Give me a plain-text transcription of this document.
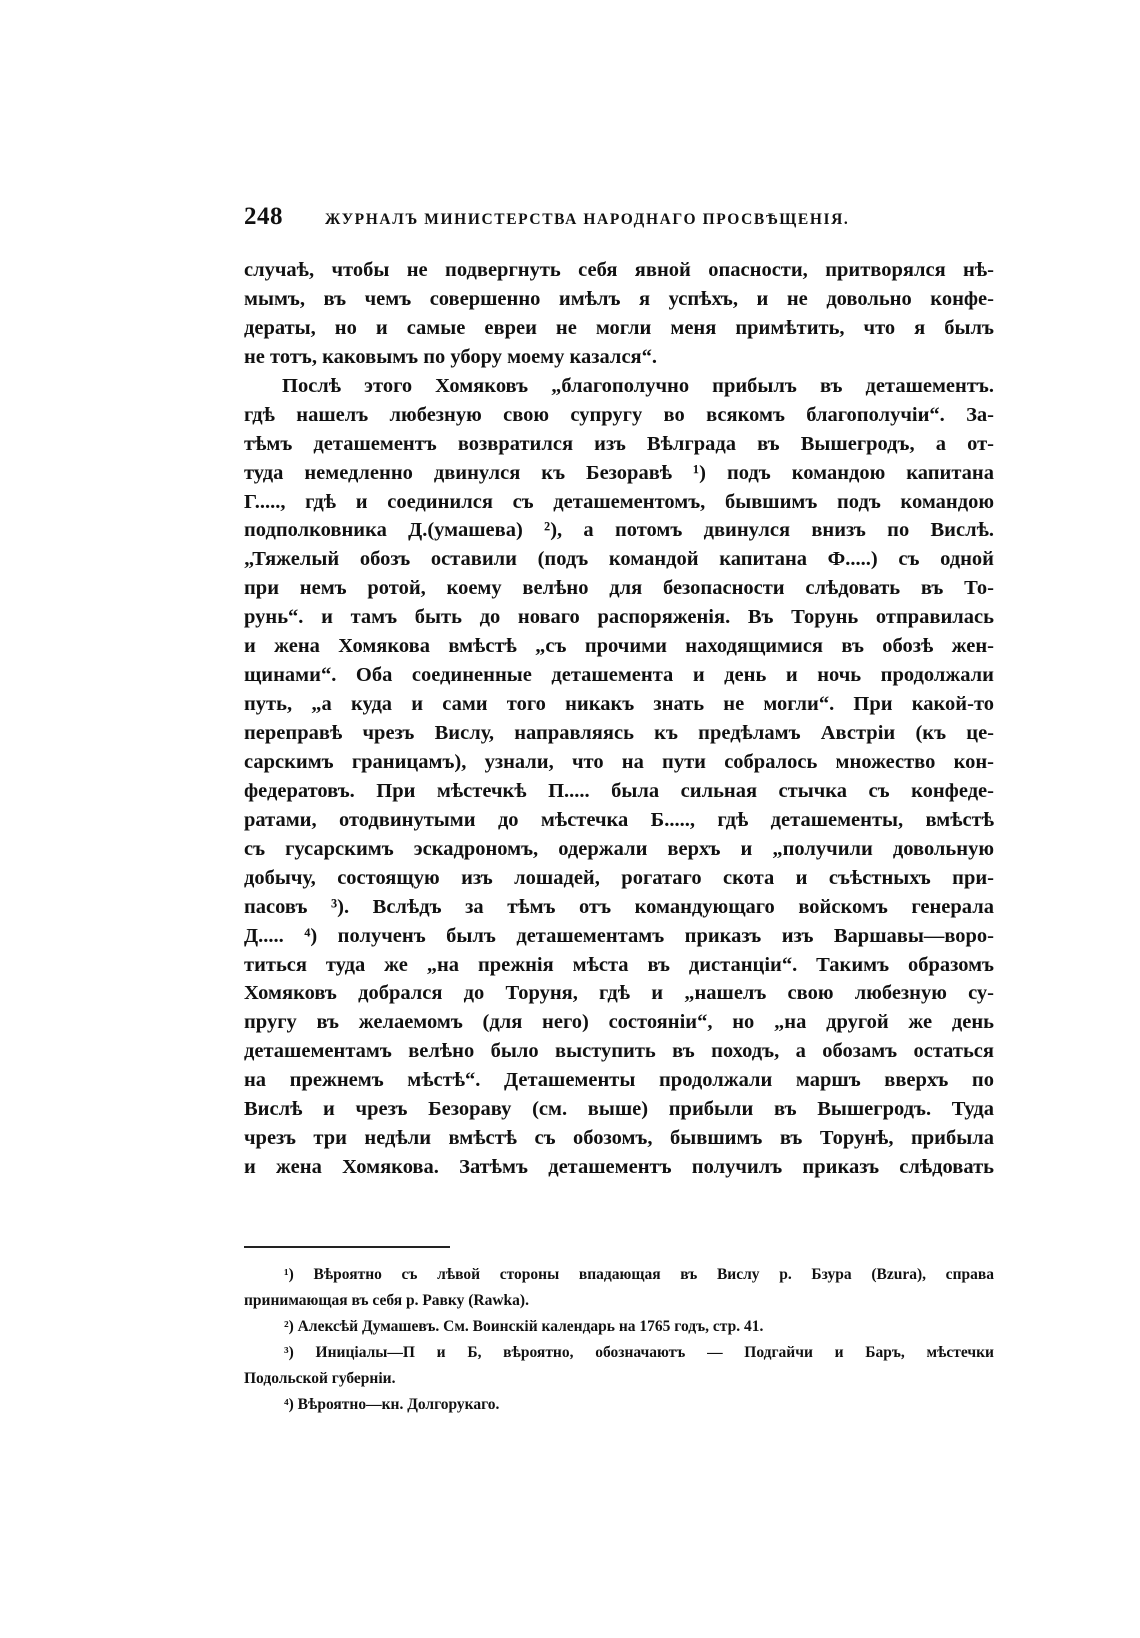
248	ЖУРНАЛЪ МИНИСТЕРСТВА НАРОДНАГО ПРОСВѢЩЕНІЯ.
случаѣ, чтобы не подвергнуть себя явной опасности, притворялся нѣ-
мымъ, въ чемъ совершенно имѣлъ я успѣхъ, и не довольно конфе-
дераты, но и самые евреи не могли меня примѣтить, что я былъ
не тотъ, каковымъ по убору моему казался“.
Послѣ этого Хомяковъ „благополучно прибылъ въ деташементъ.
гдѣ нашелъ любезную свою супругу во всякомъ благополучіи“. За-
тѣмъ деташементъ возвратился изъ Вѣлграда въ Вышегродъ, а от-
туда немедленно двинулся къ Безоравѣ ¹) подъ командою капитана
Г....., гдѣ и соединился съ деташементомъ, бывшимъ подъ командою
подполковника Д.(умашева) ²), а потомъ двинулся внизъ по Вислѣ.
„Тяжелый обозъ оставили (подъ командой капитана Ф.....) съ одной
при немъ ротой, коему велѣно для безопасности слѣдовать въ То-
рунь“. и тамъ быть до новаго распоряженія. Въ Торунь отправилась
и жена Хомякова вмѣстѣ „съ прочими находящимися въ обозѣ жен-
щинами“. Оба соединенные деташемента и день и ночь продолжали
путь, „а куда и сами того никакъ знать не могли“. При какой-то
переправѣ чрезъ Вислу, направляясь къ предѣламъ Австріи (къ це-
сарскимъ границамъ), узнали, что на пути собралось множество кон-
федератовъ. При мѣстечкѣ П..... была сильная стычка съ конфеде-
ратами, отодвинутыми до мѣстечка Б....., гдѣ деташементы, вмѣстѣ
съ гусарскимъ эскадрономъ, одержали верхъ и „получили довольную
добычу, состоящую изъ лошадей, рогатаго скота и съѣстныхъ при-
пасовъ ³). Вслѣдъ за тѣмъ отъ командующаго войскомъ генерала
Д..... ⁴) полученъ былъ деташементамъ приказъ изъ Варшавы—воро-
титься туда же „на прежнія мѣста въ дистанціи“. Такимъ образомъ
Хомяковъ добрался до Торуня, гдѣ и „нашелъ свою любезную су-
пругу въ желаемомъ (для него) состояніи“, но „на другой же день
деташементамъ велѣно было выступить въ походъ, а обозамъ остаться
на прежнемъ мѣстѣ“. Деташементы продолжали маршъ вверхъ по
Вислѣ и чрезъ Безораву (см. выше) прибыли въ Вышегродъ. Туда
чрезъ три недѣли вмѣстѣ съ обозомъ, бывшимъ въ Торунѣ, прибыла
и жена Хомякова. Затѣмъ деташементъ получилъ приказъ слѣдовать
¹) Вѣроятно съ лѣвой стороны впадающая въ Вислу р. Бзура (Bzura), справа
принимающая въ себя р. Равку (Rawka).
²) Алексѣй Думашевъ. См. Воинскій календарь на 1765 годъ, стр. 41.
³) Иниціалы—П и Б, вѣроятно, обозначаютъ — Подгайчи и Баръ, мѣстечки
Подольской губерніи.
⁴) Вѣроятно—кн. Долгорукаго.
